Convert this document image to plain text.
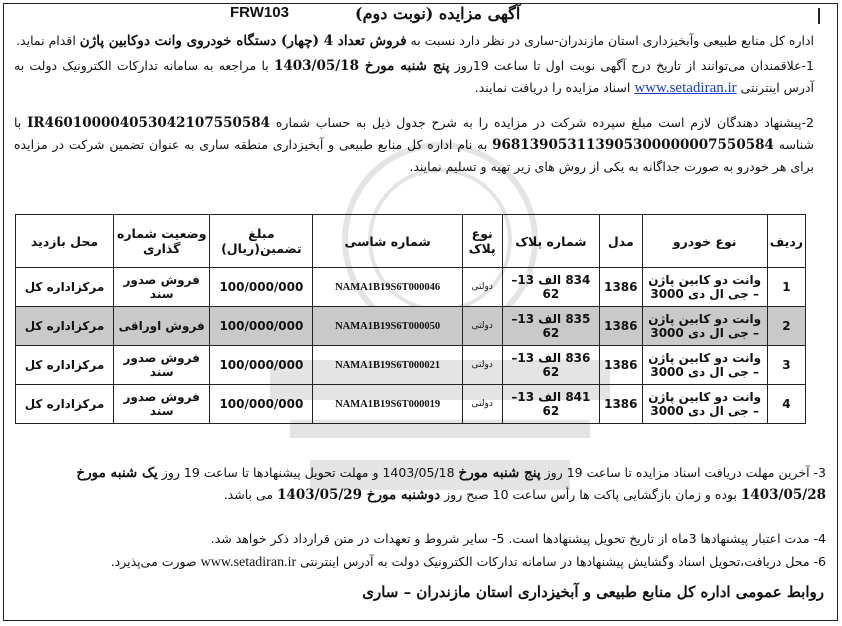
آگهی مزایده (نوبت دوم)
FRW103
اداره کل منابع طبیعی وآبخیزداری استان مازندران-ساری در نظر دارد نسبت به فروش تعداد 4 (چهار) دستگاه خودروی وانت دوکابین پاژن اقدام نماید.
1-علاقمندان می‌توانند از تاریخ درج آگهی نوبت اول تا ساعت 19روز پنج شنبه مورخ 1403/05/18 با مراجعه به سامانه تدارکات الکترونیک دولت به آدرس اینترنتی www.setadiran.ir اسناد مزایده را دریافت نمایند.
2-پیشنهاد دهندگان لازم است مبلغ سپرده شرکت در مزایده را به شرح جدول ذیل به حساب شماره IR460100004053042107550584 با شناسه 968139053113905300000007550584 به نام اداره کل منابع طبیعی و آبخیزداری منطقه ساری به عنوان تضمین شرکت در مزایده برای هر خودرو به صورت جداگانه به یکی از روش های زیر تهیه و تسلیم نمایند.
ردیف	نوع خودرو	مدل	شماره پلاک	نوع پلاک	شماره شاسی	مبلغ تضمین(ریال)	وضعیت شماره گذاری	محل بازدید
1	وانت دو کابین پاژن – جی ال دی 3000	1386	834 الف 13– 62	دولتی	NAMA1B19S6T000046	100/000/000	فروش صدور سند	مرکزاداره کل
2	وانت دو کابین پاژن – جی ال دی 3000	1386	835 الف 13– 62	دولتی	NAMA1B19S6T000050	100/000/000	فروش اوراقی	مرکزاداره کل
3	وانت دو کابین پاژن – جی ال دی 3000	1386	836 الف 13– 62	دولتی	NAMA1B19S6T000021	100/000/000	فروش صدور سند	مرکزاداره کل
4	وانت دو کابین پاژن – جی ال دی 3000	1386	841 الف 13– 62	دولتی	NAMA1B19S6T000019	100/000/000	فروش صدور سند	مرکزاداره کل
3- آخرین مهلت دریافت اسناد مزایده تا ساعت 19 روز پنج شنبه مورخ 1403/05/18 و مهلت تحویل پیشنهادها تا ساعت 19 روز یک شنبه مورخ 1403/05/28 بوده و زمان بازگشایی پاکت ها رأس ساعت 10 صبح روز دوشنبه مورخ 1403/05/29 می باشد.
4- مدت اعتبار پیشنهادها 3ماه از تاریخ تحویل پیشنهادها است. 5- سایر شروط و تعهدات در متن قرارداد ذکر خواهد شد.
6- محل دریافت،تحویل اسناد وگشایش پیشنهادها در سامانه تدارکات الکترونیک دولت به آدرس اینترنتی www.setadiran.ir صورت می‌پذیرد.
روابط عمومی اداره کل منابع طبیعی و آبخیزداری استان مازندران – ساری
